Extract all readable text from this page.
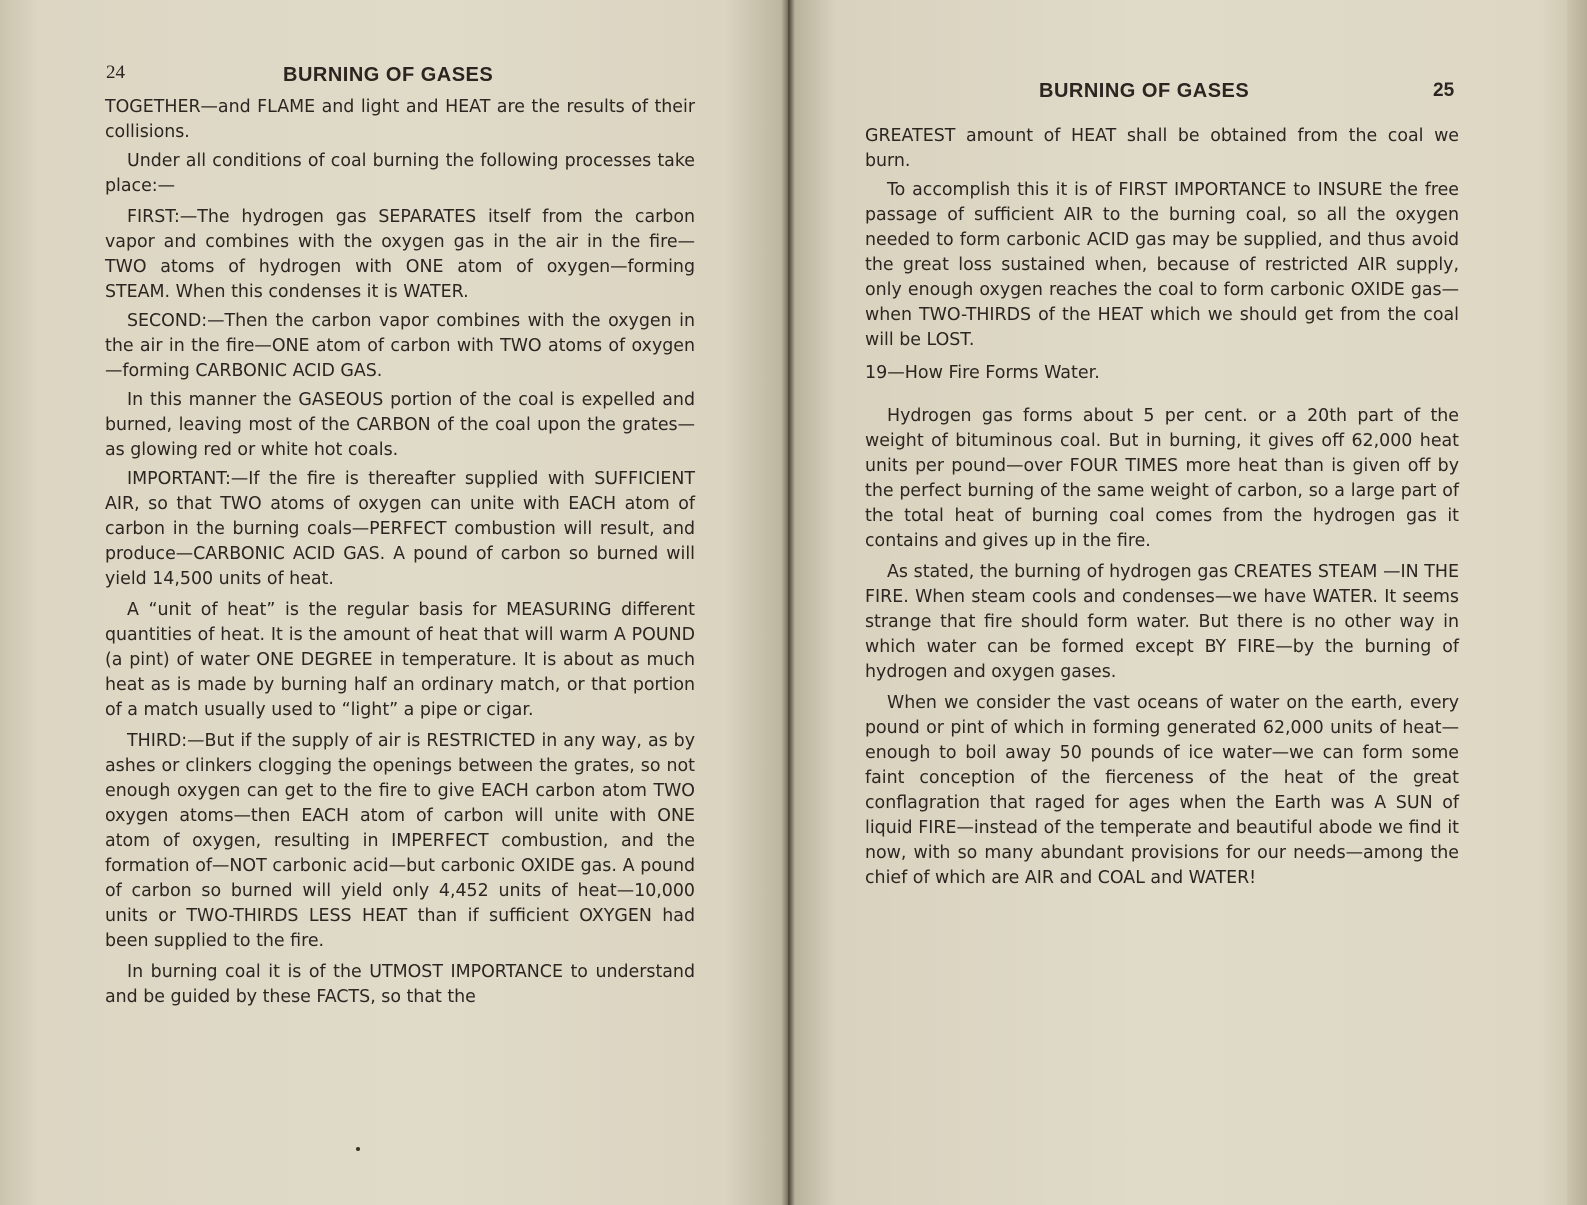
24	BURNING OF GASES

TOGETHER—and FLAME and light and HEAT are the results of their collisions.

Under all conditions of coal burning the following processes take place:—

FIRST:—The hydrogen gas SEPARATES itself from the carbon vapor and combines with the oxygen gas in the air in the fire—TWO atoms of hydrogen with ONE atom of oxygen—forming STEAM. When this condenses it is WATER.

SECOND:—Then the carbon vapor combines with the oxygen in the air in the fire—ONE atom of carbon with TWO atoms of oxygen—forming CARBONIC ACID GAS.

In this manner the GASEOUS portion of the coal is expelled and burned, leaving most of the CARBON of the coal upon the grates—as glowing red or white hot coals.

IMPORTANT:—If the fire is thereafter supplied with SUFFICIENT AIR, so that TWO atoms of oxygen can unite with EACH atom of carbon in the burning coals—PERFECT combustion will result, and produce—CARBONIC ACID GAS. A pound of carbon so burned will yield 14,500 units of heat.

A “unit of heat” is the regular basis for MEASURING different quantities of heat. It is the amount of heat that will warm A POUND (a pint) of water ONE DEGREE in temperature. It is about as much heat as is made by burning half an ordinary match, or that portion of a match usually used to “light” a pipe or cigar.

THIRD:—But if the supply of air is RESTRICTED in any way, as by ashes or clinkers clogging the openings between the grates, so not enough oxygen can get to the fire to give EACH carbon atom TWO oxygen atoms—then EACH atom of carbon will unite with ONE atom of oxygen, resulting in IMPERFECT combustion, and the formation of—NOT carbonic acid—but carbonic OXIDE gas. A pound of carbon so burned will yield only 4,452 units of heat—10,000 units or TWO-THIRDS LESS HEAT than if sufficient OXYGEN had been supplied to the fire.

In burning coal it is of the UTMOST IMPORTANCE to understand and be guided by these FACTS, so that the

BURNING OF GASES	25

GREATEST amount of HEAT shall be obtained from the coal we burn.

To accomplish this it is of FIRST IMPORTANCE to INSURE the free passage of sufficient AIR to the burning coal, so all the oxygen needed to form carbonic ACID gas may be supplied, and thus avoid the great loss sustained when, because of restricted AIR supply, only enough oxygen reaches the coal to form carbonic OXIDE gas—when TWO-THIRDS of the HEAT which we should get from the coal will be LOST.

19—How Fire Forms Water.

Hydrogen gas forms about 5 per cent. or a 20th part of the weight of bituminous coal. But in burning, it gives off 62,000 heat units per pound—over FOUR TIMES more heat than is given off by the perfect burning of the same weight of carbon, so a large part of the total heat of burning coal comes from the hydrogen gas it contains and gives up in the fire.

As stated, the burning of hydrogen gas CREATES STEAM —IN THE FIRE. When steam cools and condenses—we have WATER. It seems strange that fire should form water. But there is no other way in which water can be formed except BY FIRE—by the burning of hydrogen and oxygen gases.

When we consider the vast oceans of water on the earth, every pound or pint of which in forming generated 62,000 units of heat—enough to boil away 50 pounds of ice water—we can form some faint conception of the fierceness of the heat of the great conflagration that raged for ages when the Earth was A SUN of liquid FIRE—instead of the temperate and beautiful abode we find it now, with so many abundant provisions for our needs—among the chief of which are AIR and COAL and WATER!
